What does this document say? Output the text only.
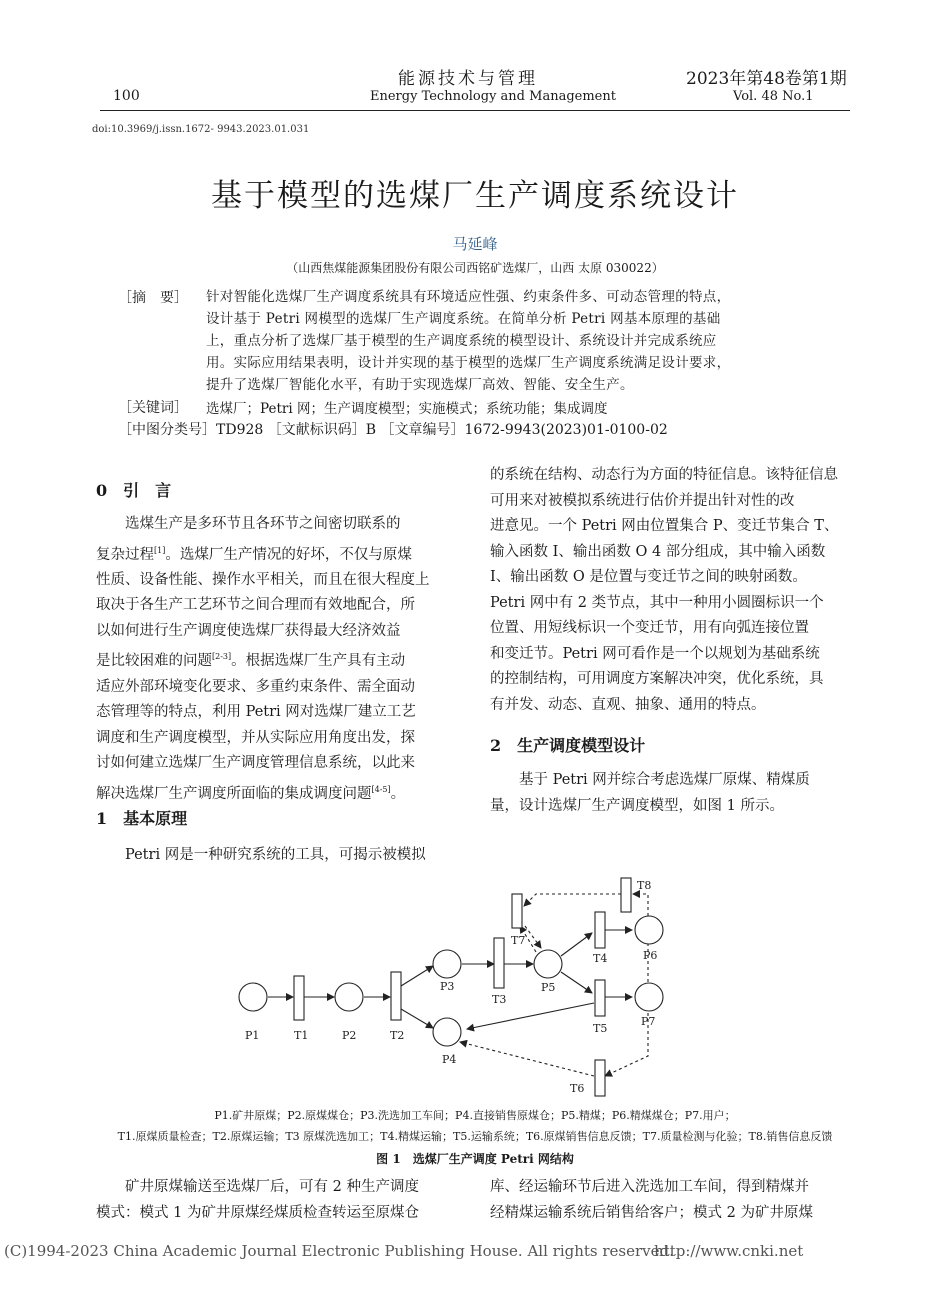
能源技术与管理	2023年第48卷第1期
100	Energy Technology and Management	Vol. 48 No.1
doi:10.3969/j.issn.1672- 9943.2023.01.031
基于模型的选煤厂生产调度系统设计
马延峰
（山西焦煤能源集团股份有限公司西铭矿选煤厂，山西 太原 030022）
［摘　要］ 针对智能化选煤厂生产调度系统具有环境适应性强、约束条件多、可动态管理的特点，
设计基于 Petri 网模型的选煤厂生产调度系统。在简单分析 Petri 网基本原理的基础
上，重点分析了选煤厂基于模型的生产调度系统的模型设计、系统设计并完成系统应
用。实际应用结果表明，设计并实现的基于模型的选煤厂生产调度系统满足设计要求，
提升了选煤厂智能化水平，有助于实现选煤厂高效、智能、安全生产。
［关键词］ 选煤厂；Petri 网；生产调度模型；实施模式；系统功能；集成调度
［中图分类号］TD928 ［文献标识码］B ［文章编号］1672-9943(2023)01-0100-02
0　引　言

选煤生产是多环节且各环节之间密切联系的

复杂过程[1]。选煤厂生产情况的好坏，不仅与原煤

性质、设备性能、操作水平相关，而且在很大程度上

取决于各生产工艺环节之间合理而有效地配合，所

以如何进行生产调度使选煤厂获得最大经济效益

是比较困难的问题[2-3]。根据选煤厂生产具有主动

适应外部环境变化要求、多重约束条件、需全面动

态管理等的特点，利用 Petri 网对选煤厂建立工艺

调度和生产调度模型，并从实际应用角度出发，探

讨如何建立选煤厂生产调度管理信息系统，以此来

解决选煤厂生产调度所面临的集成调度问题[4-5]。

1　基本原理
Petri 网是一种研究系统的工具，可揭示被模拟

的系统在结构、动态行为方面的特征信息。该特征信息

可用来对被模拟系统进行估价并提出针对性的改

进意见。一个 Petri 网由位置集合 P、变迁节集合 T、

输入函数 I、输出函数 O 4 部分组成，其中输入函数

I、输出函数 O 是位置与变迁节之间的映射函数。

Petri 网中有 2 类节点，其中一种用小圆圈标识一个

位置、用短线标识一个变迁节，用有向弧连接位置

和变迁节。Petri 网可看作是一个以规划为基础系统

的控制结构，可用调度方案解决冲突，优化系统，具

有并发、动态、直观、抽象、通用的特点。

2　生产调度模型设计

基于 Petri 网并综合考虑选煤厂原煤、精煤质

量，设计选煤厂生产调度模型，如图 1 所示。

P1	P2
P3
P4
P5
P6
P7
T1	T2
T3
T4
T5
T6
T7
T8
P1.矿井原煤；P2.原煤煤仓；P3.洗选加工车间；P4.直接销售原煤仓；P5.精煤；P6.精煤煤仓；P7.用户；
T1.原煤质量检查；T2.原煤运输；T3 原煤洗选加工；T4.精煤运输；T5.运输系统；T6.原煤销售信息反馈；T7.质量检测与化验；T8.销售信息反馈
图 1　 选煤厂生产调度 Petri 网结构

矿井原煤输送至选煤厂后，可有 2 种生产调度

模式：模式 1 为矿井原煤经煤质检查转运至原煤仓

库、经运输环节后进入洗选加工车间，得到精煤并

经精煤运输系统后销售给客户；模式 2 为矿井原煤

(C)1994-2023 China Academic Journal Electronic Publishing House. All rights reserved.
http://www.cnki.net
